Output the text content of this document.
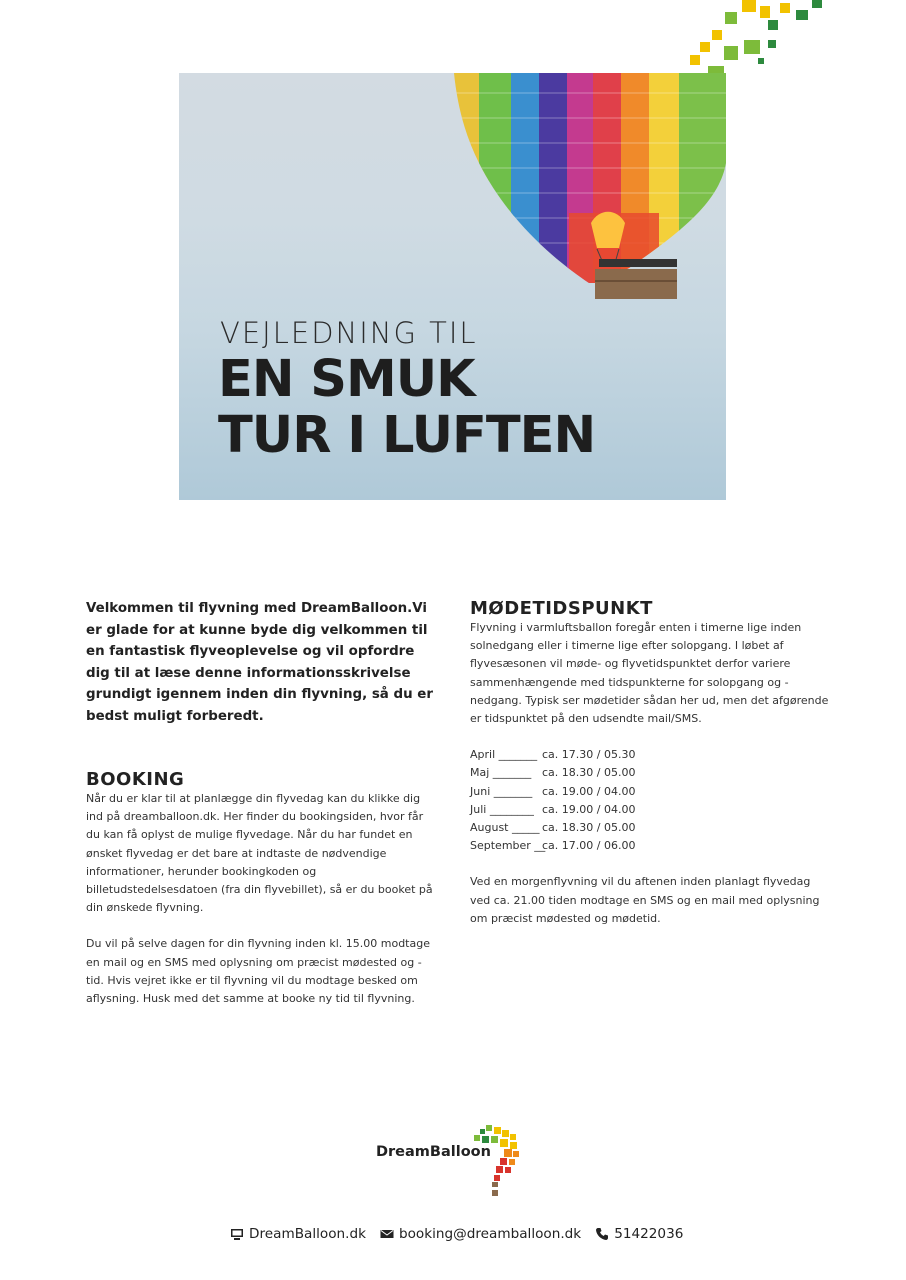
VEJLEDNING TIL
EN SMUK
TUR I LUFTEN

Velkommen til flyvning med DreamBalloon.Vi er glade for at kunne byde dig velkommen til en fantastisk flyveoplevelse og vil opfordre dig til at læse denne informationsskrivelse grundigt igennem inden din flyvning, så du er bedst muligt forberedt.

BOOKING

Når du er klar til at planlægge din flyvedag kan du klikke dig ind på dreamballoon.dk. Her finder du bookingsiden, hvor får du kan få oplyst de mulige flyvedage. Når du har fundet en ønsket flyvedag er det bare at indtaste de nødvendige informationer, herunder bookingkoden og billetudstedelsesdatoen (fra din flyvebillet), så er du booket på din ønskede flyvning.

Du vil på selve dagen for din flyvning inden kl. 15.00 modtage en mail og en SMS med oplysning om præcist mødested og -tid. Hvis vejret ikke er til flyvning vil du modtage besked om aflysning. Husk med det samme at booke ny tid til flyvning.

MØDETIDSPUNKT

Flyvning i varmluftsballon foregår enten i timerne lige inden solnedgang eller i timerne lige efter solopgang. I løbet af flyvesæsonen vil møde- og flyvetidspunktet derfor variere sammenhængende med tidspunkterne for solopgang og -nedgang. Typisk ser mødetider sådan her ud, men det afgørende er tidspunktet på den udsendte mail/SMS.

April _______ ca. 17.30 / 05.30
Maj _______ ca. 18.30 / 05.00
Juni _______ ca. 19.00 / 04.00
Juli ________ ca. 19.00 / 04.00
August _____ ca. 18.30 / 05.00
September __
ca. 17.00 / 06.00

Ved en morgenflyvning vil du aftenen inden planlagt flyvedag ved ca. 21.00 tiden modtage en SMS og en mail med oplysning om præcist mødested og mødetid.

DreamBalloon
DreamBalloon.dk booking@dreamballoon.dk 51422036
